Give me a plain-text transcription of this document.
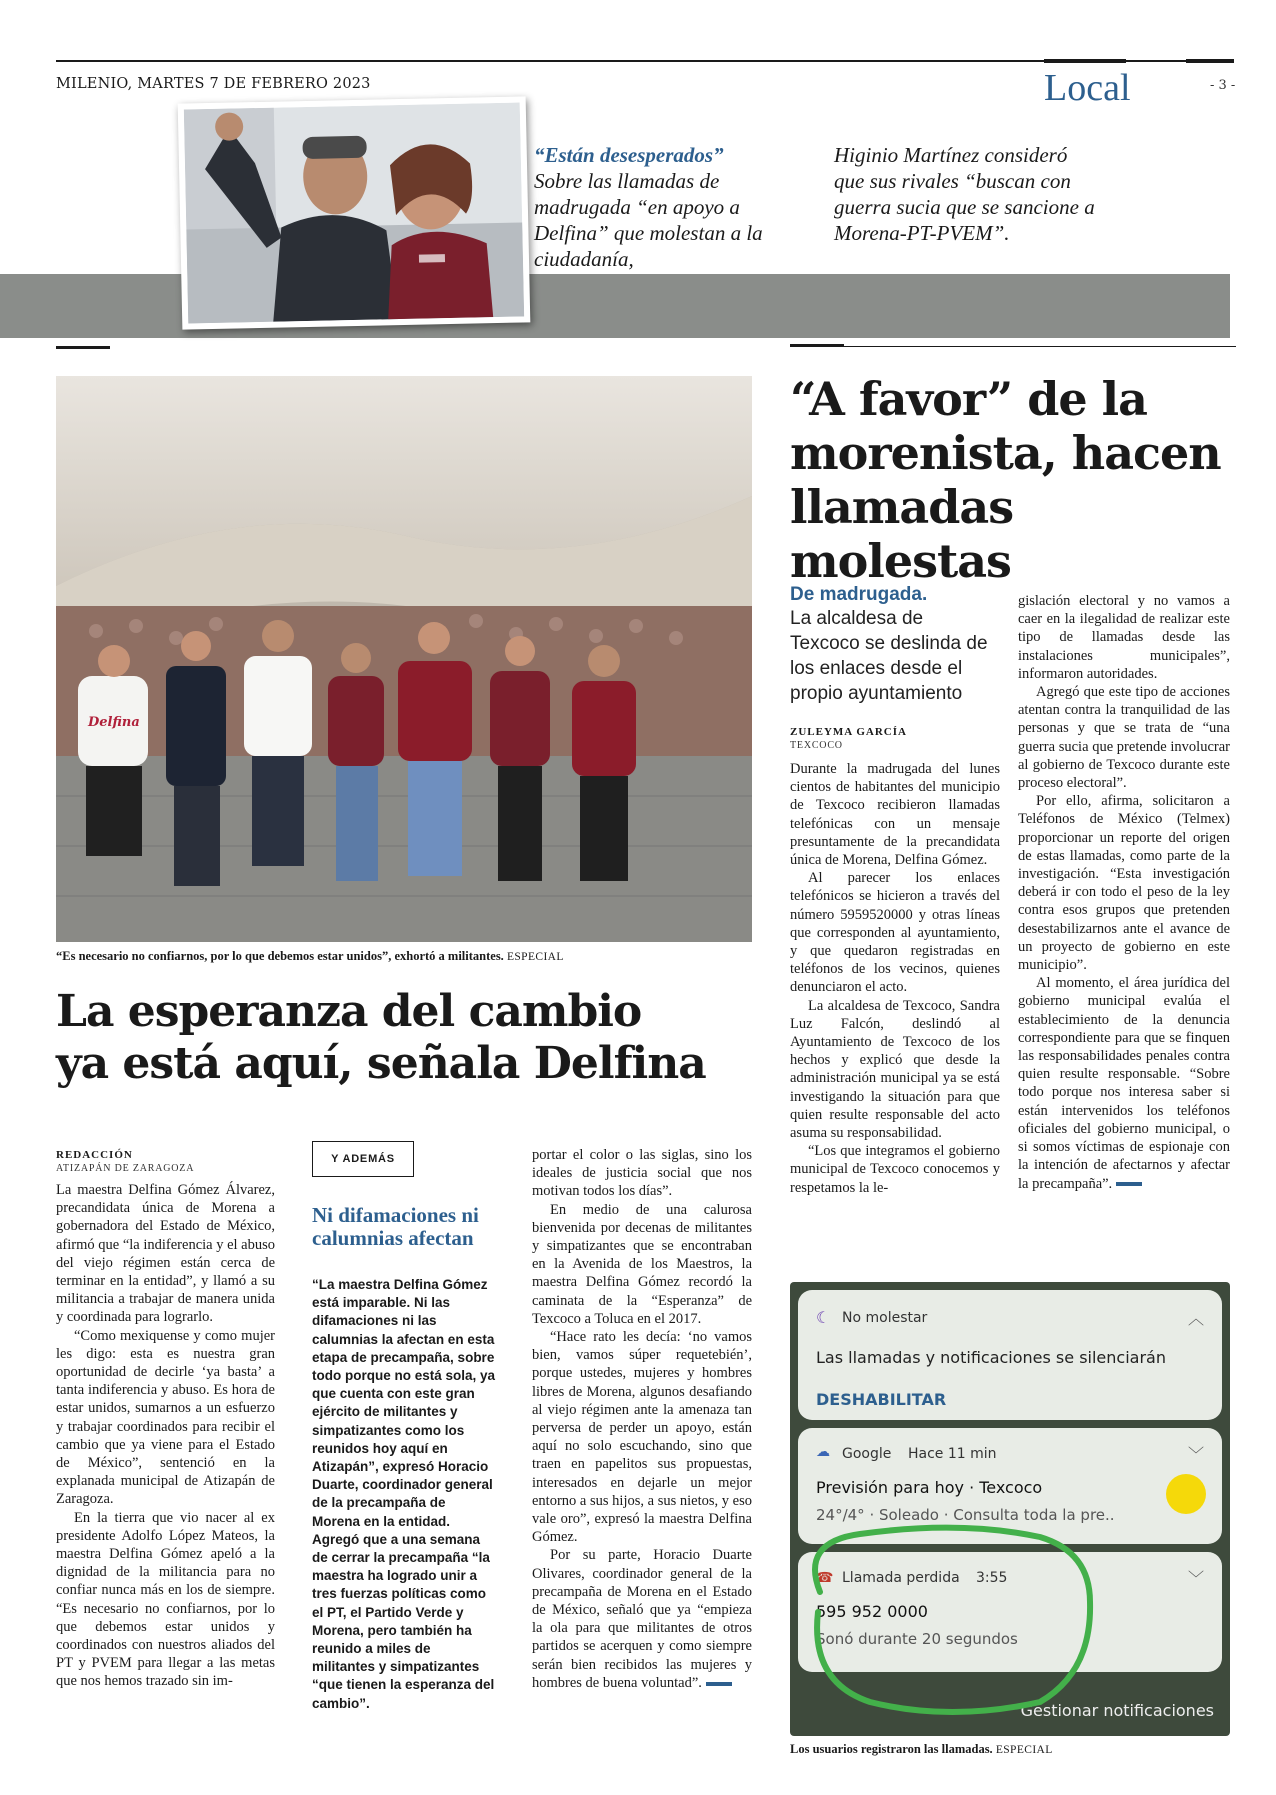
MILENIO, MARTES 7 DE FEBRERO 2023	Local	- 3 -
“Están desesperados”
Sobre las llamadas de madrugada “en apoyo a Delfina” que molestan a la ciudadanía,
Higinio Martínez consideró que sus rivales “buscan con guerra sucia que se sancione a Morena-PT-PVEM”.
Delfina
“Es necesario no confiarnos, por lo que debemos estar unidos”, exhortó a militantes. ESPECIAL
La esperanza del cambio
ya está aquí, señala Delfina
REDACCIÓN
ATIZAPÁN DE ZARAGOZA

La maestra Delfina Gómez Álvarez, precandidata única de Morena a gobernadora del Estado de México, afirmó que “la indiferencia y el abuso del viejo régimen están cerca de terminar en la entidad”, y llamó a su militancia a trabajar de manera unida y coordinada para lograrlo.

“Como mexiquense y como mujer les digo: esta es nuestra gran oportunidad de decirle ‘ya basta’ a tanta indiferencia y abuso. Es hora de estar unidos, sumarnos a un esfuerzo y trabajar coordinados para recibir el cambio que ya viene para el Estado de México”, sentenció en la explanada municipal de Atizapán de Zaragoza.

En la tierra que vio nacer al ex presidente Adolfo López Mateos, la maestra Delfina Gómez apeló a la dignidad de la militancia para no confiar nunca más en los de siempre. “Es necesario no confiarnos, por lo que debemos estar unidos y coordinados con nuestros aliados del PT y PVEM para llegar a las metas que nos hemos trazado sin im-

Y ADEMÁS
Ni difamaciones ni calumnias afectan
“La maestra Delfina Gómez está imparable. Ni las difamaciones ni las calumnias la afectan en esta etapa de precampaña, sobre todo porque no está sola, ya que cuenta con este gran ejército de militantes y simpatizantes como los reunidos hoy aquí en Atizapán”, expresó Horacio Duarte, coordinador general de la precampaña de Morena en la entidad. Agregó que a una semana de cerrar la precampaña “la maestra ha logrado unir a tres fuerzas políticas como el PT, el Partido Verde y Morena, pero también ha reunido a miles de militantes y simpatizantes “que tienen la esperanza del cambio”.

portar el color o las siglas, sino los ideales de justicia social que nos motivan todos los días”.

En medio de una calurosa bienvenida por decenas de militantes y simpatizantes que se encontraban en la Avenida de los Maestros, la maestra Delfina Gómez recordó la caminata de la “Esperanza” de Texcoco a Toluca en el 2017.

“Hace rato les decía: ‘no vamos bien, vamos súper requetebién’, porque ustedes, mujeres y hombres libres de Morena, algunos desafiando al viejo régimen ante la amenaza tan perversa de perder un apoyo, están aquí no solo escuchando, sino que traen en papelitos sus propuestas, interesados en dejarle un mejor entorno a sus hijos, a sus nietos, y eso vale oro”, expresó la maestra Delfina Gómez.

Por su parte, Horacio Duarte Olivares, coordinador general de la precampaña de Morena en el Estado de México, señaló que ya “empieza la ola para que militantes de otros partidos se acerquen y como siempre serán bien recibidos las mujeres y hombres de buena voluntad”.

“A favor” de la morenista, hacen llamadas molestas
De madrugada.
La alcaldesa de Texcoco se deslinda de los enlaces desde el propio ayuntamiento
ZULEYMA GARCÍA
TEXCOCO

Durante la madrugada del lunes cientos de habitantes del municipio de Texcoco recibieron llamadas telefónicas con un mensaje presuntamente de la precandidata única de Morena, Delfina Gómez.

Al parecer los enlaces telefónicos se hicieron a través del número 5959520000 y otras líneas que corresponden al ayuntamiento, y que quedaron registradas en teléfonos de los vecinos, quienes denunciaron el acto.

La alcaldesa de Texcoco, Sandra Luz Falcón, deslindó al Ayuntamiento de Texcoco de los hechos y explicó que desde la administración municipal ya se está investigando la situación para que quien resulte responsable del acto asuma su responsabilidad.

“Los que integramos el gobierno municipal de Texcoco conocemos y respetamos la le-

gislación electoral y no vamos a caer en la ilegalidad de realizar este tipo de llamadas desde las instalaciones municipales”, informaron autoridades.

Agregó que este tipo de acciones atentan contra la tranquilidad de las personas y que se trata de “una guerra sucia que pretende involucrar al gobierno de Texcoco durante este proceso electoral”.

Por ello, afirma, solicitaron a Teléfonos de México (Telmex) proporcionar un reporte del origen de estas llamadas, como parte de la investigación. “Esta investigación deberá ir con todo el peso de la ley contra esos grupos que pretenden desestabilizarnos ante el avance de un proyecto de gobierno en este municipio”.

Al momento, el área jurídica del gobierno municipal evalúa el establecimiento de la denuncia correspondiente para que se finquen las responsabilidades penales contra quien resulte responsable. “Sobre todo porque nos interesa saber si están intervenidos los teléfonos oficiales del gobierno municipal, o si somos víctimas de espionaje con la intención de afectarnos y afectar la precampaña”.

☾ No molestar	︿
Las llamadas y notificaciones se silenciarán
DESHABILITAR
☁ Google Hace 11 min	﹀
Previsión para hoy · Texcoco
24°/4° · Soleado · Consulta toda la pre..
☎ Llamada perdida 3:55	﹀
595 952 0000
Sonó durante 20 segundos
Gestionar notificaciones
Los usuarios registraron las llamadas. ESPECIAL
